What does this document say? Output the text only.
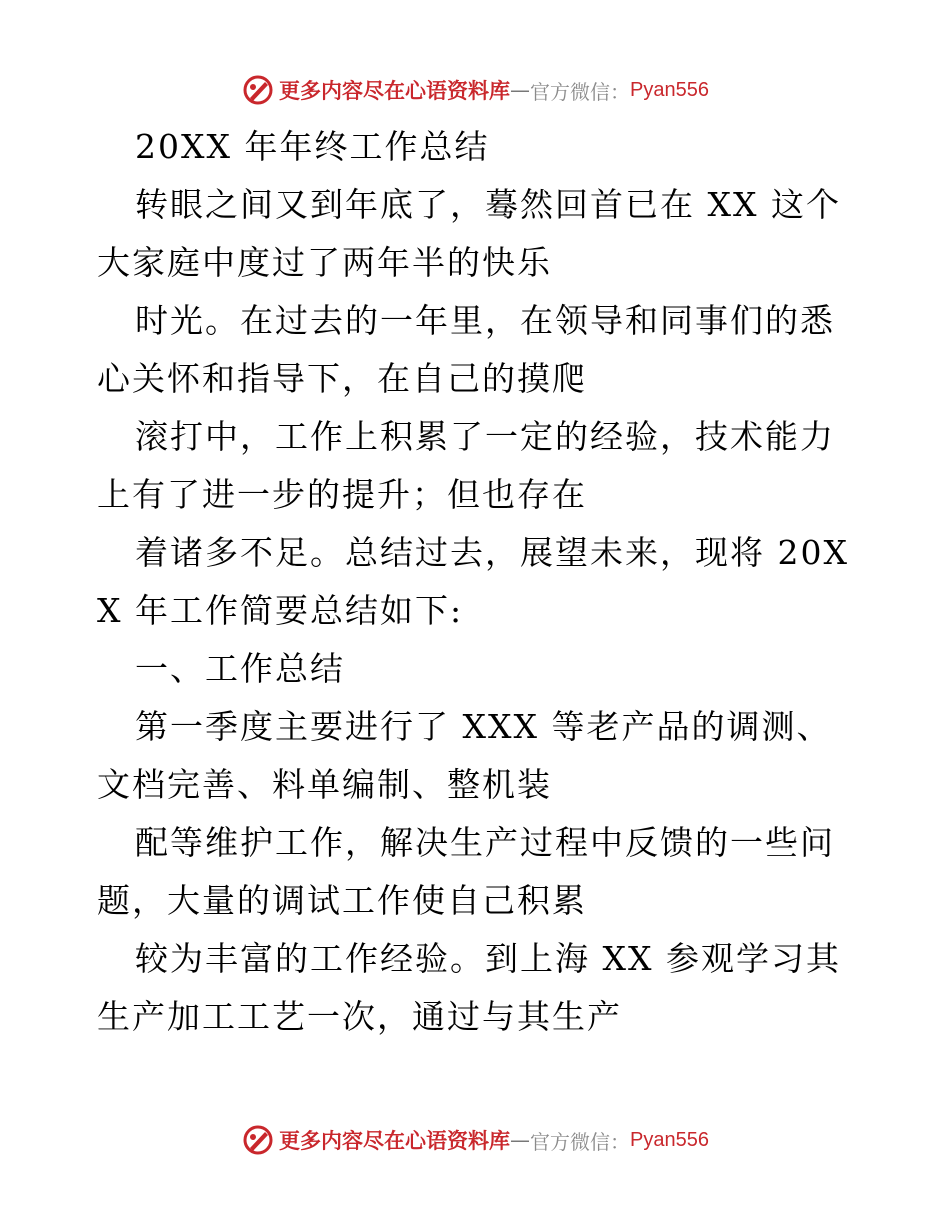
更多内容尽在心语资料库 — 官方微信： Pyan556

20XX 年年终工作总结

转眼之间又到年底了，蓦然回首已在 XX 这个大家庭中度过了两年半的快乐

时光。在过去的一年里，在领导和同事们的悉心关怀和指导下，在自己的摸爬

滚打中，工作上积累了一定的经验，技术能力上有了进一步的提升；但也存在

着诸多不足。总结过去，展望未来，现将 20XX 年工作简要总结如下:

一、工作总结

第一季度主要进行了 XXX 等老产品的调测、文档完善、料单编制、整机装

配等维护工作，解决生产过程中反馈的一些问题，大量的调试工作使自己积累

较为丰富的工作经验。到上海 XX 参观学习其生产加工工艺一次，通过与其生产

更多内容尽在心语资料库 — 官方微信： Pyan556
